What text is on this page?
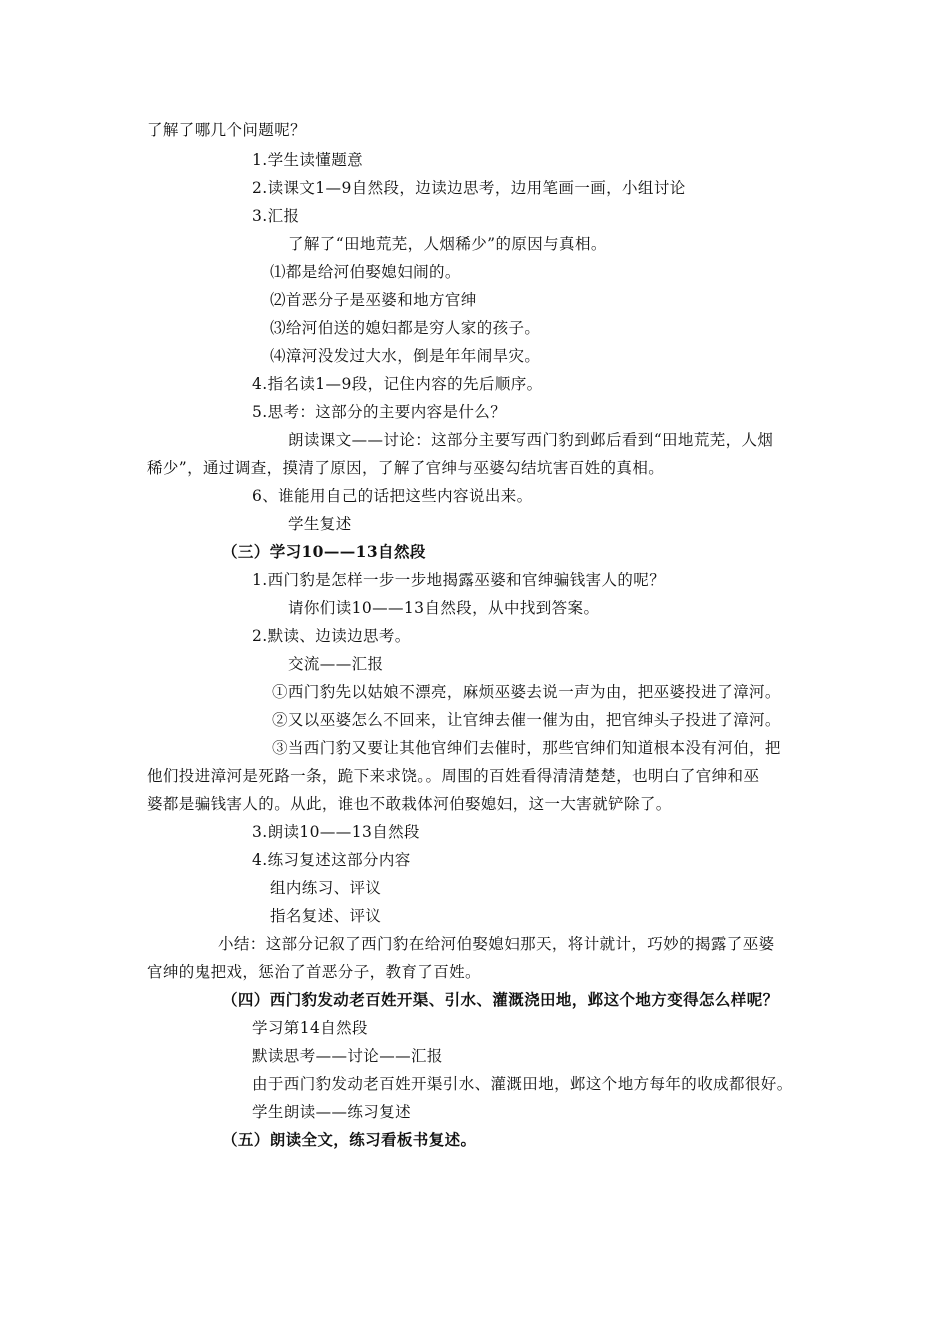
了解了哪几个问题呢？
1.学生读懂题意
2.读课文1—9自然段，边读边思考，边用笔画一画，小组讨论
3.汇报
了解了“田地荒芜，人烟稀少”的原因与真相。
⑴都是给河伯娶媳妇闹的。
⑵首恶分子是巫婆和地方官绅
⑶给河伯送的媳妇都是穷人家的孩子。
⑷漳河没发过大水，倒是年年闹旱灾。
4.指名读1—9段，记住内容的先后顺序。
5.思考：这部分的主要内容是什么？
朗读课文——讨论：这部分主要写西门豹到邺后看到“田地荒芜，人烟
稀少”，通过调查，摸清了原因，了解了官绅与巫婆勾结坑害百姓的真相。
6、谁能用自己的话把这些内容说出来。
学生复述
（三）学习10——13自然段
1.西门豹是怎样一步一步地揭露巫婆和官绅骗钱害人的呢？
请你们读10——13自然段，从中找到答案。
2.默读、边读边思考。
交流——汇报
①西门豹先以姑娘不漂亮，麻烦巫婆去说一声为由，把巫婆投进了漳河。
②又以巫婆怎么不回来，让官绅去催一催为由，把官绅头子投进了漳河。
③当西门豹又要让其他官绅们去催时，那些官绅们知道根本没有河伯，把
他们投进漳河是死路一条，跪下来求饶。。周围的百姓看得清清楚楚，也明白了官绅和巫
婆都是骗钱害人的。从此，谁也不敢栽体河伯娶媳妇，这一大害就铲除了。
3.朗读10——13自然段
4.练习复述这部分内容
组内练习、评议
指名复述、评议
小结：这部分记叙了西门豹在给河伯娶媳妇那天，将计就计，巧妙的揭露了巫婆
官绅的鬼把戏，惩治了首恶分子，教育了百姓。
（四）西门豹发动老百姓开渠、引水、灌溉浇田地，邺这个地方变得怎么样呢？
学习第14自然段
默读思考——讨论——汇报
由于西门豹发动老百姓开渠引水、灌溉田地，邺这个地方每年的收成都很好。
学生朗读——练习复述
（五）朗读全文，练习看板书复述。
